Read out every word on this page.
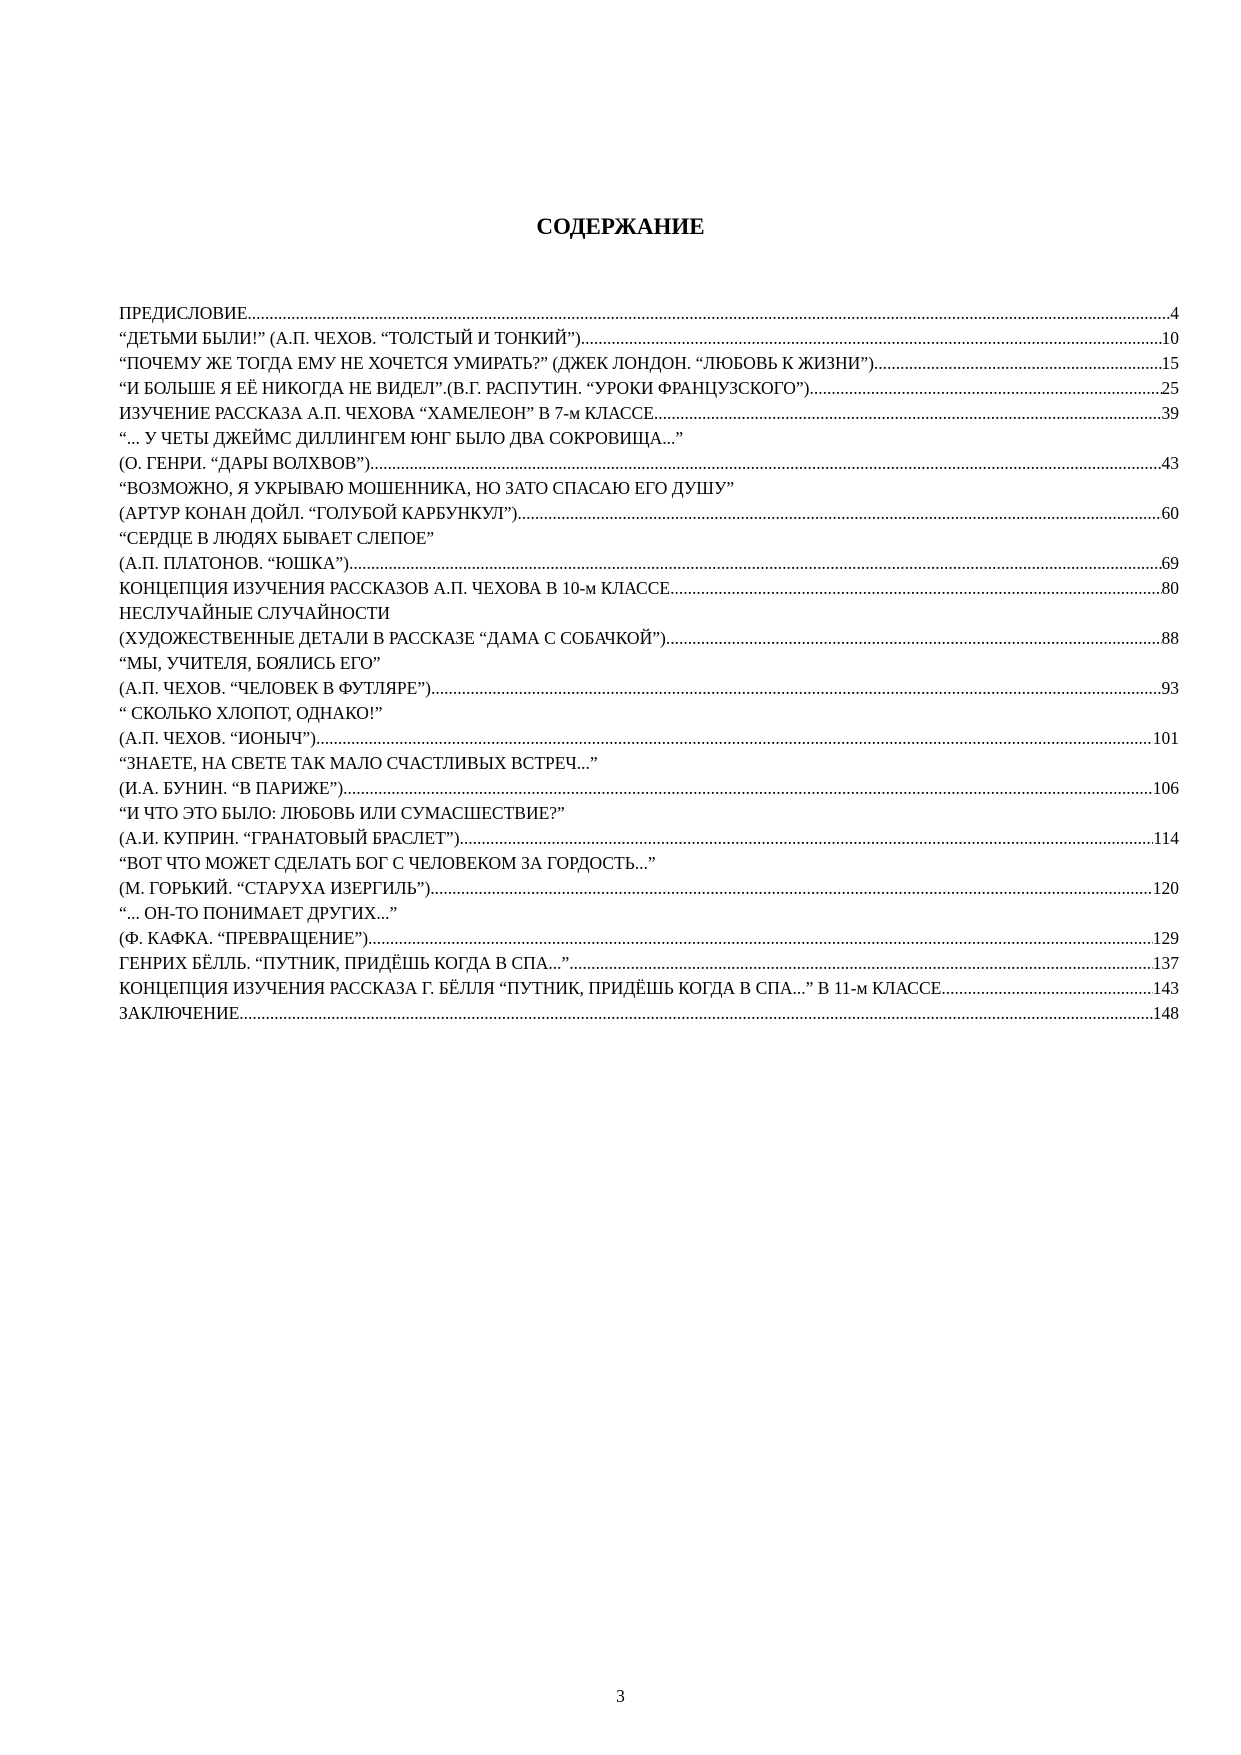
СОДЕРЖАНИЕ
ПРЕДИСЛОВИЕ .....	4
“ДЕТЬМИ БЫЛИ!” (А.П. ЧЕХОВ. “ТОЛСТЫЙ И ТОНКИЙ”) .....	10
“ПОЧЕМУ ЖЕ ТОГДА ЕМУ НЕ ХОЧЕТСЯ УМИРАТЬ?” (ДЖЕК ЛОНДОН. “ЛЮБОВЬ К ЖИЗНИ”) .....	15
“И БОЛЬШЕ Я ЕЁ НИКОГДА НЕ ВИДЕЛ”.(В.Г. РАСПУТИН. “УРОКИ ФРАНЦУЗСКОГО”) .....	25
ИЗУЧЕНИЕ РАССКАЗА А.П. ЧЕХОВА “ХАМЕЛЕОН” В 7-м КЛАССЕ. .....	39
“... У ЧЕТЫ ДЖЕЙМС ДИЛЛИНГЕМ ЮНГ БЫЛО ДВА СОКРОВИЩА...”
(О. ГЕНРИ. “ДАРЫ ВОЛХВОВ”) .....	43
“ВОЗМОЖНО, Я УКРЫВАЮ МОШЕННИКА, НО ЗАТО СПАСАЮ ЕГО ДУШУ”
(АРТУР КОНАН ДОЙЛ. “ГОЛУБОЙ КАРБУНКУЛ”) .....	60
“СЕРДЦЕ В ЛЮДЯХ БЫВАЕТ СЛЕПОЕ”
(А.П. ПЛАТОНОВ. “ЮШКА”) .....	69
КОНЦЕПЦИЯ ИЗУЧЕНИЯ РАССКАЗОВ А.П. ЧЕХОВА В 10-м КЛАССЕ .....	80
НЕСЛУЧАЙНЫЕ СЛУЧАЙНОСТИ
(ХУДОЖЕСТВЕННЫЕ ДЕТАЛИ В РАССКАЗЕ “ДАМА С СОБАЧКОЙ”) .....	88
“МЫ, УЧИТЕЛЯ, БОЯЛИСЬ ЕГО”
(А.П. ЧЕХОВ. “ЧЕЛОВЕК В ФУТЛЯРЕ”) .....	93
“ СКОЛЬКО ХЛОПОТ, ОДНАКО!”
(А.П. ЧЕХОВ. “ИОНЫЧ”) .....	101
“ЗНАЕТЕ, НА СВЕТЕ ТАК МАЛО СЧАСТЛИВЫХ ВСТРЕЧ...”
(И.А. БУНИН. “В ПАРИЖЕ”) .....	106
“И ЧТО ЭТО БЫЛО: ЛЮБОВЬ ИЛИ СУМАСШЕСТВИЕ?”
(А.И. КУПРИН. “ГРАНАТОВЫЙ БРАСЛЕТ”) .....	114
“ВОТ ЧТО МОЖЕТ СДЕЛАТЬ БОГ С ЧЕЛОВЕКОМ ЗА ГОРДОСТЬ...”
(М. ГОРЬКИЙ. “СТАРУХА ИЗЕРГИЛЬ”) .....	120
“... ОН-ТО ПОНИМАЕТ ДРУГИХ...”
(Ф. КАФКА. “ПРЕВРАЩЕНИЕ”) .....	129
ГЕНРИХ БЁЛЛЬ. “ПУТНИК, ПРИДЁШЬ КОГДА В СПА...” .....	137
КОНЦЕПЦИЯ ИЗУЧЕНИЯ РАССКАЗА Г. БЁЛЛЯ “ПУТНИК, ПРИДЁШЬ КОГДА В СПА...” В 11-м КЛАССЕ .....	143
ЗАКЛЮЧЕНИЕ .....	148
3
